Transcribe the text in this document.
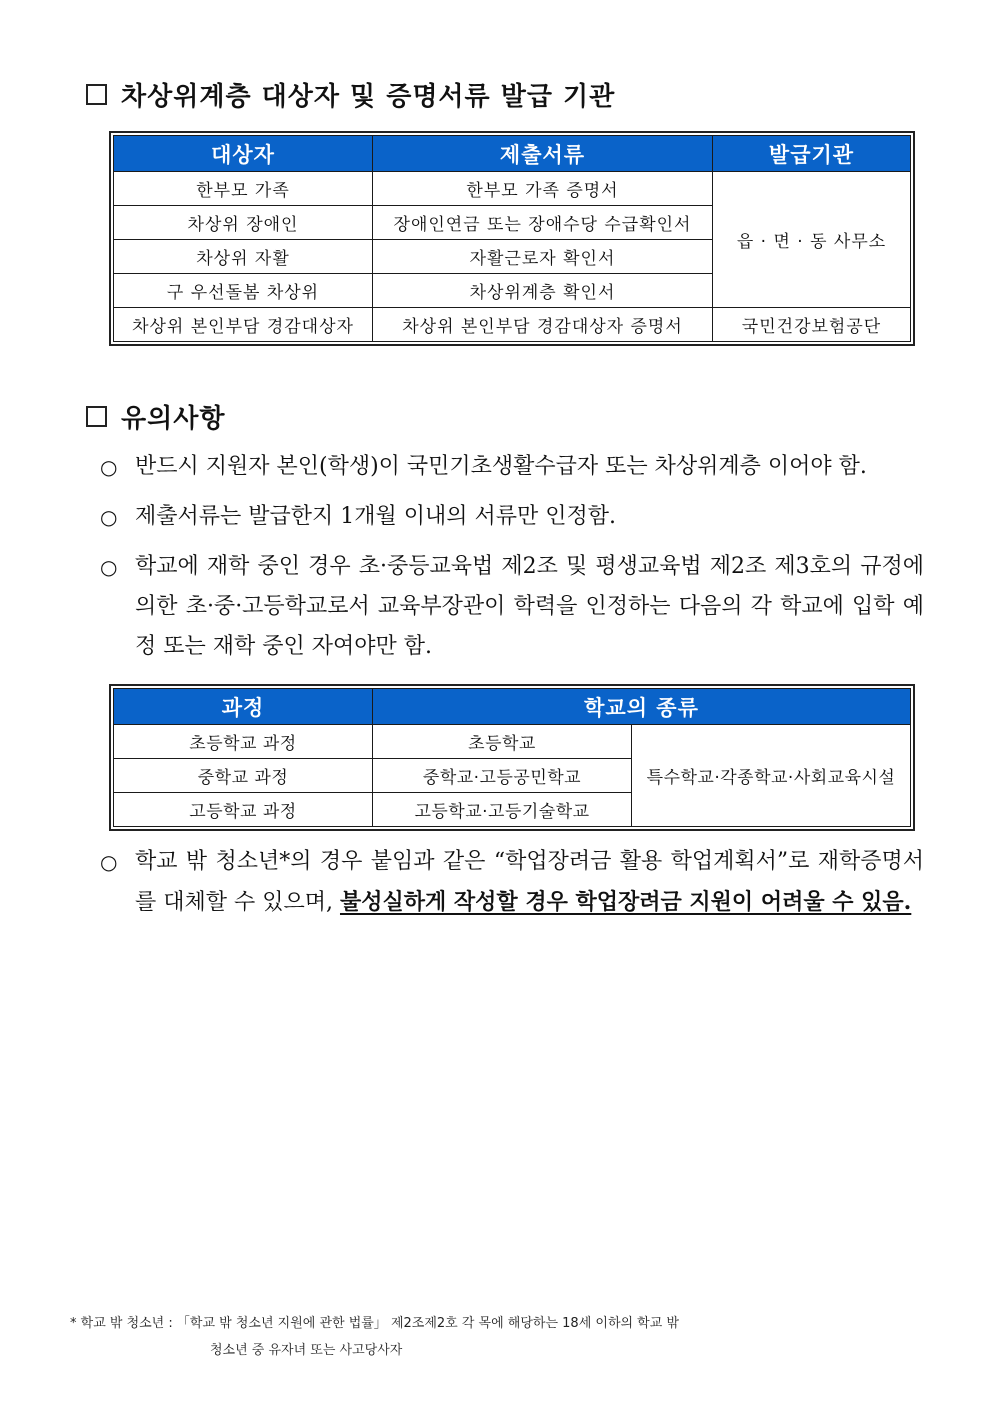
차상위계층 대상자 및 증명서류 발급 기관
대상자	제출서류	발급기관
한부모 가족	한부모 가족 증명서	읍 · 면 · 동 사무소
차상위 장애인	장애인연금 또는 장애수당 수급확인서	
차상위 자활	자활근로자 확인서	
구 우선돌봄 차상위	차상위계층 확인서	
차상위 본인부담 경감대상자	차상위 본인부담 경감대상자 증명서	국민건강보험공단
유의사항
○ 반드시 지원자 본인(학생)이 국민기초생활수급자 또는 차상위계층 이어야 함.
○ 제출서류는 발급한지 1개월 이내의 서류만 인정함.
○ 학교에 재학 중인 경우 초·중등교육법 제2조 및 평생교육법 제2조 제3호의 규정에 의한 초·중·고등학교로서 교육부장관이 학력을 인정하는 다음의 각 학교에 입학 예정 또는 재학 중인 자여야만 함.
과정	학교의 종류	
초등학교 과정	초등학교	특수학교·각종학교·사회교육시설
중학교 과정	중학교·고등공민학교	
고등학교 과정	고등학교·고등기술학교	
○ 학교 밖 청소년*의 경우 붙임과 같은 “학업장려금 활용 학업계획서”로 재학증명서를 대체할 수 있으며, 불성실하게 작성할 경우 학업장려금 지원이 어려울 수 있음.
* 학교 밖 청소년 : 「학교 밖 청소년 지원에 관한 법률」 제2조제2호 각 목에 해당하는 18세 이하의 학교 밖
청소년 중 유자녀 또는 사고당사자
